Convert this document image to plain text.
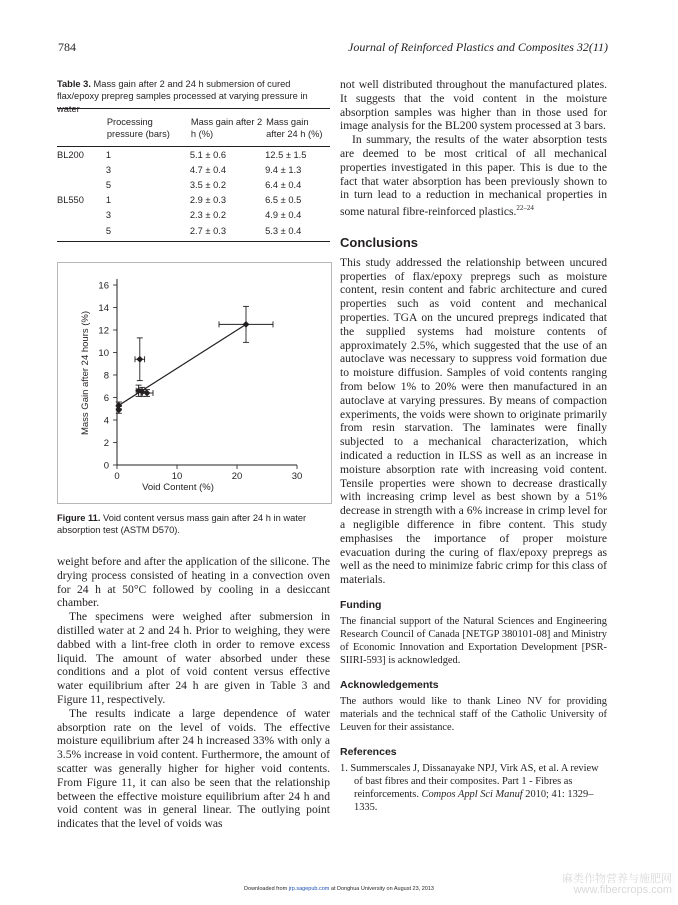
784	Journal of Reinforced Plastics and Composites 32(11)
Table 3. Mass gain after 2 and 24 h submersion of cured flax/epoxy prepreg samples processed at varying pressure in water
	Processing pressure (bars)	Mass gain after 2 h (%)	Mass gain after 24 h (%)
BL200	1	5.1 ± 0.6	12.5 ± 1.5
	3	4.7 ± 0.4	9.4 ± 1.3
	5	3.5 ± 0.2	6.4 ± 0.4
BL550	1	2.9 ± 0.3	6.5 ± 0.5
	3	2.3 ± 0.2	4.9 ± 0.4
	5	2.7 ± 0.3	5.3 ± 0.4
0
2
4
6
8
10
12
14
16
0	10	20	30
Void Content (%)
Mass Gain after 24 hours (%)
Figure 11. Void content versus mass gain after 24 h in water absorption test (ASTM D570).

weight before and after the application of the silicone. The drying process consisted of heating in a convection oven for 24 h at 50°C followed by cooling in a desiccant chamber.

The specimens were weighed after submersion in distilled water at 2 and 24 h. Prior to weighing, they were dabbed with a lint-free cloth in order to remove excess liquid. The amount of water absorbed under these conditions and a plot of void content versus effective water equilibrium after 24 h are given in Table 3 and Figure 11, respectively.

The results indicate a large dependence of water absorption rate on the level of voids. The effective moisture equilibrium after 24 h increased 33% with only a 3.5% increase in void content. Furthermore, the amount of scatter was generally higher for higher void contents. From Figure 11, it can also be seen that the relationship between the effective moisture equilibrium after 24 h and void content was in general linear. The outlying point indicates that the level of voids was

not well distributed throughout the manufactured plates. It suggests that the void content in the moisture absorption samples was higher than in those used for image analysis for the BL200 system processed at 3 bars.

In summary, the results of the water absorption tests are deemed to be most critical of all mechanical properties investigated in this paper. This is due to the fact that water absorption has been previously shown to in turn lead to a reduction in mechanical properties in some natural fibre-reinforced plastics.$^{22-24}$

Conclusions

This study addressed the relationship between uncured properties of flax/epoxy prepregs such as moisture content, resin content and fabric architecture and cured properties such as void content and mechanical properties. TGA on the uncured prepregs indicated that the supplied systems had moisture contents of approximately 2.5%, which suggested that the use of an autoclave was necessary to suppress void formation due to moisture diffusion. Samples of void contents ranging from below 1% to 20% were then manufactured in an autoclave at varying pressures. By means of compaction experiments, the voids were shown to originate primarily from resin starvation. The laminates were finally subjected to a mechanical characterization, which indicated a reduction in ILSS as well as an increase in moisture absorption rate with increasing void content. Tensile properties were shown to decrease drastically with increasing crimp level as best shown by a 51% decrease in strength with a 6% increase in crimp level for a negligible difference in fibre content. This study emphasises the importance of proper moisture evacuation during the curing of flax/epoxy prepregs as well as the need to minimize fabric crimp for this class of materials.

Funding

The financial support of the Natural Sciences and Engineering Research Council of Canada [NETGP 380101-08] and Ministry of Economic Innovation and Exportation Development [PSR-SIIRI-593] is acknowledged.

Acknowledgements

The authors would like to thank Lineo NV for providing materials and the technical staff of the Catholic University of Leuven for their assistance.

References

1. Summerscales J, Dissanayake NPJ, Virk AS, et al. A review of bast fibres and their composites. Part 1 - Fibres as reinforcements. Compos Appl Sci Manuf 2010; 41: 1329–1335.

Downloaded from jrp.sagepub.com at Donghua University on August 23, 2013
麻类作物营养与施肥网
www.fibercrops.com
